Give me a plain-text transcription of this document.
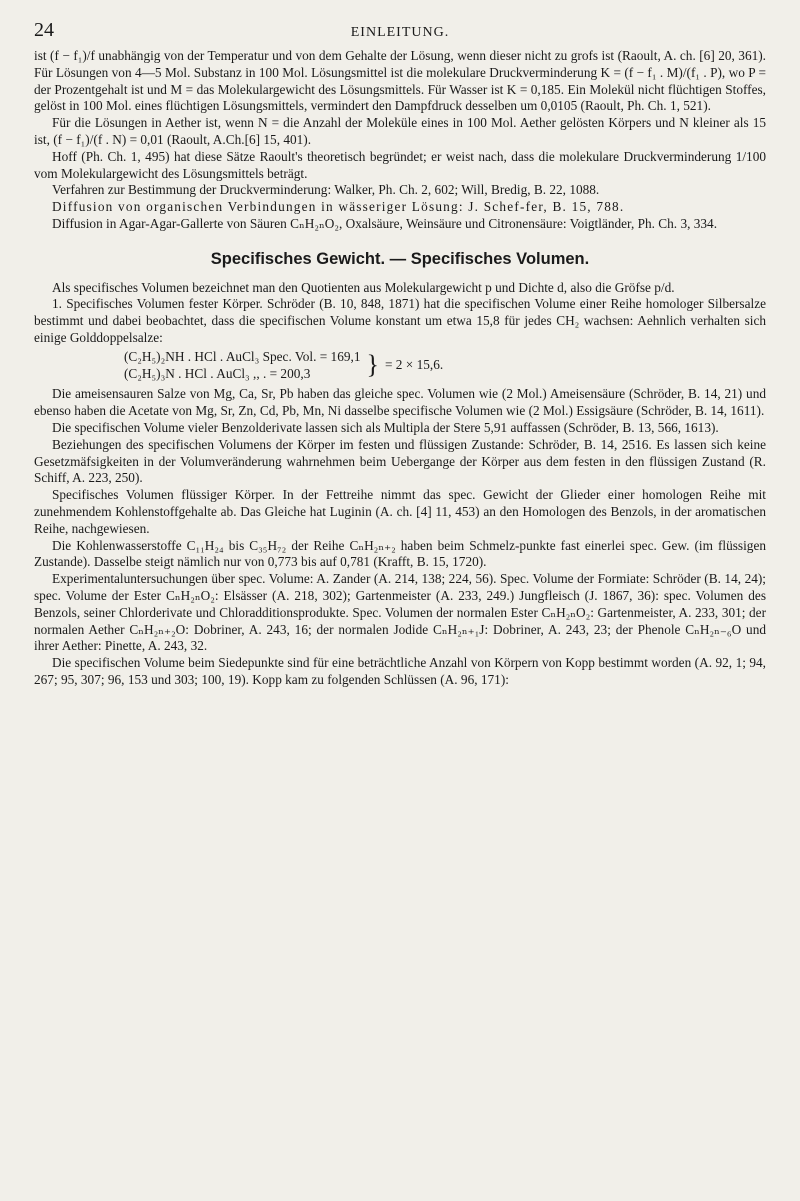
24	EINLEITUNG.

ist (f − f₁)/f unabhängig von der Temperatur und von dem Gehalte der Lösung, wenn dieser nicht zu grofs ist (Raoult, A. ch. [6] 20, 361). Für Lösungen von 4—5 Mol. Substanz in 100 Mol. Lösungsmittel ist die molekulare Druckverminderung K = (f − f₁ . M)/(f₁ . P), wo P = der Prozentgehalt ist und M = das Molekulargewicht des Lösungsmittels. Für Wasser ist K = 0,185. Ein Molekül nicht flüchtigen Stoffes, gelöst in 100 Mol. eines flüchtigen Lösungsmittels, vermindert den Dampfdruck desselben um 0,0105 (Raoult, Ph. Ch. 1, 521).

Für die Lösungen in Aether ist, wenn N = die Anzahl der Moleküle eines in 100 Mol. Aether gelösten Körpers und N kleiner als 15 ist, (f − f₁)/(f . N) = 0,01 (Raoult, A.Ch.[6] 15, 401).

Hoff (Ph. Ch. 1, 495) hat diese Sätze Raoult's theoretisch begründet; er weist nach, dass die molekulare Druckverminderung 1/100 vom Molekulargewicht des Lösungsmittels beträgt.

Verfahren zur Bestimmung der Druckverminderung: Walker, Ph. Ch. 2, 602; Will, Bredig, B. 22, 1088.

Diffusion von organischen Verbindungen in wässeriger Lösung: J. Schef-fer, B. 15, 788.

Diffusion in Agar-Agar-Gallerte von Säuren CₙH₂ₙO₂, Oxalsäure, Weinsäure und Citronensäure: Voigtländer, Ph. Ch. 3, 334.

Specifisches Gewicht. — Specifisches Volumen.

Als specifisches Volumen bezeichnet man den Quotienten aus Molekulargewicht p und Dichte d, also die Gröfse p/d.

1. Specifisches Volumen fester Körper. Schröder (B. 10, 848, 1871) hat die specifischen Volume einer Reihe homologer Silbersalze bestimmt und dabei beobachtet, dass die specifischen Volume konstant um etwa 15,8 für jedes CH₂ wachsen: Aehnlich verhalten sich einige Golddoppelsalze:

(C₂H₅)₂NH . HCl . AuCl₃ Spec. Vol. = 169,1
(C₂H₅)₃N . HCl . AuCl₃ ,, . = 200,3	} = 2 × 15,6.

Die ameisensauren Salze von Mg, Ca, Sr, Pb haben das gleiche spec. Volumen wie (2 Mol.) Ameisensäure (Schröder, B. 14, 21) und ebenso haben die Acetate von Mg, Sr, Zn, Cd, Pb, Mn, Ni dasselbe specifische Volumen wie (2 Mol.) Essigsäure (Schröder, B. 14, 1611).

Die specifischen Volume vieler Benzolderivate lassen sich als Multipla der Stere 5,91 auffassen (Schröder, B. 13, 566, 1613).

Beziehungen des specifischen Volumens der Körper im festen und flüssigen Zustande: Schröder, B. 14, 2516. Es lassen sich keine Gesetzmäfsigkeiten in der Volumveränderung wahrnehmen beim Uebergange der Körper aus dem festen in den flüssigen Zustand (R. Schiff, A. 223, 250).

Specifisches Volumen flüssiger Körper. In der Fettreihe nimmt das spec. Gewicht der Glieder einer homologen Reihe mit zunehmendem Kohlenstoffgehalte ab. Das Gleiche hat Luginin (A. ch. [4] 11, 453) an den Homologen des Benzols, in der aromatischen Reihe, nachgewiesen.

Die Kohlenwasserstoffe C₁₁H₂₄ bis C₃₅H₇₂ der Reihe CₙH₂ₙ₊₂ haben beim Schmelz-punkte fast einerlei spec. Gew. (im flüssigen Zustande). Dasselbe steigt nämlich nur von 0,773 bis auf 0,781 (Krafft, B. 15, 1720).

Experimentaluntersuchungen über spec. Volume: A. Zander (A. 214, 138; 224, 56). Spec. Volume der Formiate: Schröder (B. 14, 24); spec. Volume der Ester CₙH₂ₙO₂: Elsässer (A. 218, 302); Gartenmeister (A. 233, 249.) Jungfleisch (J. 1867, 36): spec. Volumen des Benzols, seiner Chlorderivate und Chloradditionsprodukte. Spec. Volumen der normalen Ester CₙH₂ₙO₂: Gartenmeister, A. 233, 301; der normalen Aether CₙH₂ₙ₊₂O: Dobriner, A. 243, 16; der normalen Jodide CₙH₂ₙ₊₁J: Dobriner, A. 243, 23; der Phenole CₙH₂ₙ₋₆O und ihrer Aether: Pinette, A. 243, 32.

Die specifischen Volume beim Siedepunkte sind für eine beträchtliche Anzahl von Körpern von Kopp bestimmt worden (A. 92, 1; 94, 267; 95, 307; 96, 153 und 303; 100, 19). Kopp kam zu folgenden Schlüssen (A. 96, 171):
